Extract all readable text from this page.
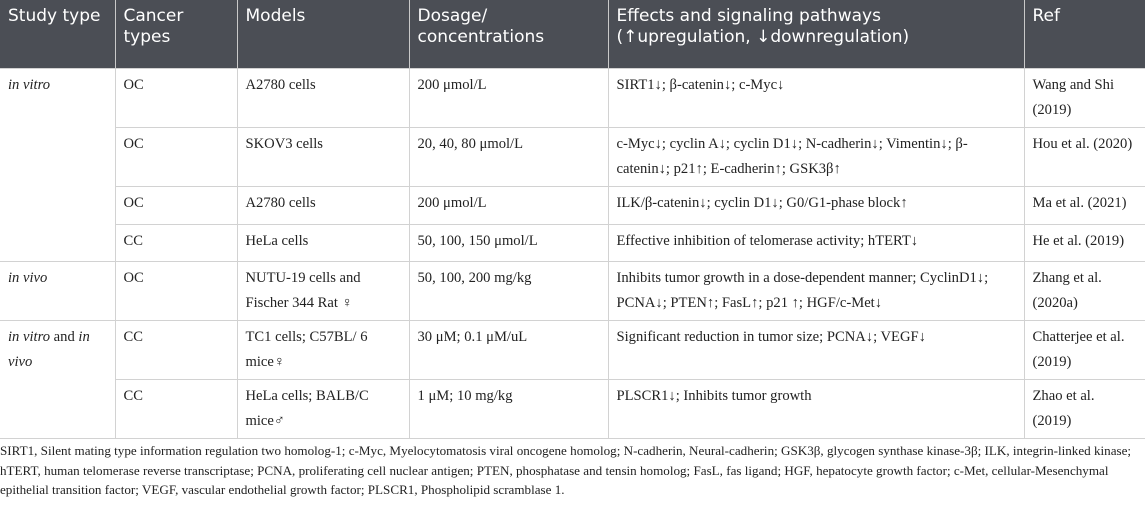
Study type	Cancer types	Models	Dosage/ concentrations	Effects and signaling pathways (↑upregulation, ↓downregulation)	Ref
in vitro	OC	A2780 cells	200 μmol/L	SIRT1↓; β-catenin↓; c-Myc↓	Wang and Shi (2019)
	OC	SKOV3 cells	20, 40, 80 μmol/L	c-Myc↓; cyclin A↓; cyclin D1↓; N-cadherin↓; Vimentin↓; β-catenin↓; p21↑; E-cadherin↑; GSK3β↑	Hou et al. (2020)
	OC	A2780 cells	200 μmol/L	ILK/β-catenin↓; cyclin D1↓; G0/G1-phase block↑	Ma et al. (2021)
	CC	HeLa cells	50, 100, 150 μmol/L	Effective inhibition of telomerase activity; hTERT↓	He et al. (2019)
in vivo	OC	NUTU-19 cells and Fischer 344 Rat ♀	50, 100, 200 mg/kg	Inhibits tumor growth in a dose-dependent manner; CyclinD1↓; PCNA↓; PTEN↑; FasL↑; p21 ↑; HGF/c-Met↓	Zhang et al. (2020a)
in vitro and in vivo	CC	TC1 cells; C57BL/ 6 mice♀	30 μM; 0.1 μM/uL	Significant reduction in tumor size; PCNA↓; VEGF↓	Chatterjee et al. (2019)
	CC	HeLa cells; BALB/C mice♂	1 μM; 10 mg/kg	PLSCR1↓; Inhibits tumor growth	Zhao et al. (2019)

SIRT1, Silent mating type information regulation two homolog-1; c-Myc, Myelocytomatosis viral oncogene homolog; N-cadherin, Neural-cadherin; GSK3β, glycogen synthase kinase-3β; ILK, integrin-linked kinase; hTERT, human telomerase reverse transcriptase; PCNA, proliferating cell nuclear antigen; PTEN, phosphatase and tensin homolog; FasL, fas ligand; HGF, hepatocyte growth factor; c-Met, cellular-Mesenchymal epithelial transition factor; VEGF, vascular endothelial growth factor; PLSCR1, Phospholipid scramblase 1.
